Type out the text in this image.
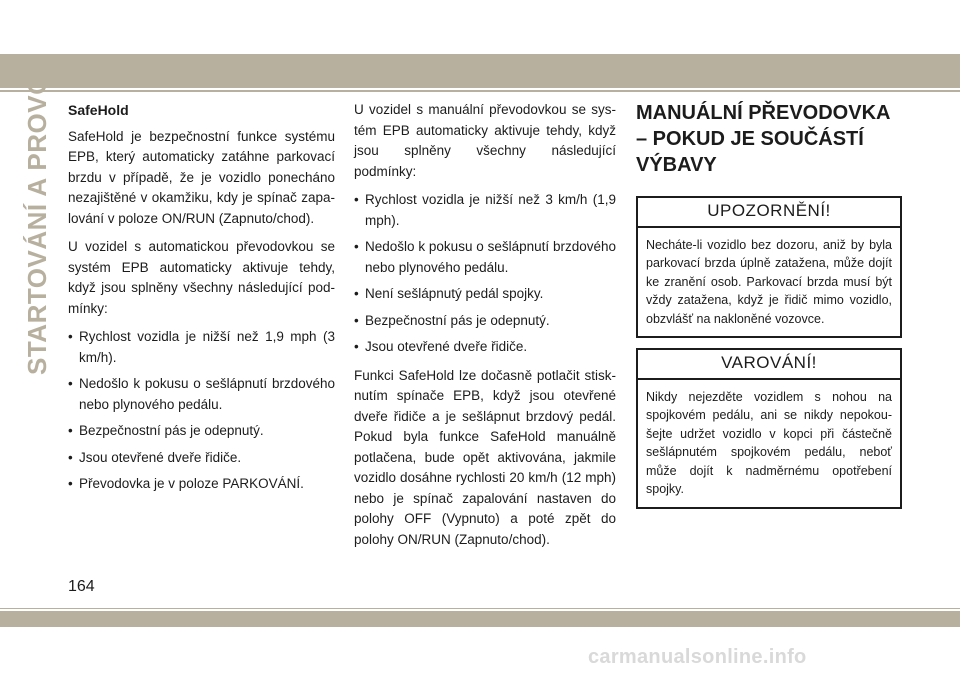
STARTOVÁNÍ A PROVOZ SafeHold

SafeHold je bezpečnostní funkce systému EPB, který automaticky zatáhne parkovací brzdu v případě, že je vozidlo ponecháno nezajištěné v okamžiku, kdy je spínač zapa-lování v poloze ON/RUN (Zapnuto/chod).

U vozidel s automatickou převodovkou se systém EPB automaticky aktivuje tehdy, když jsou splněny všechny následující pod-mínky:

• Rychlost vozidla je nižší než 1,9 mph (3 km/h).
• Nedošlo k pokusu o sešlápnutí brzdového nebo plynového pedálu.
• Bezpečnostní pás je odepnutý.
• Jsou otevřené dveře řidiče.
• Převodovka je v poloze PARKOVÁNÍ.

U vozidel s manuální převodovkou se sys-tém EPB automaticky aktivuje tehdy, když jsou splněny všechny následující podmínky:

• Rychlost vozidla je nižší než 3 km/h (1,9 mph).
• Nedošlo k pokusu o sešlápnutí brzdového nebo plynového pedálu.
• Není sešlápnutý pedál spojky.
• Bezpečnostní pás je odepnutý.
• Jsou otevřené dveře řidiče.

Funkci SafeHold lze dočasně potlačit stisk-nutím spínače EPB, když jsou otevřené dveře řidiče a je sešlápnut brzdový pedál. Pokud byla funkce SafeHold manuálně potlačena, bude opět aktivována, jakmile vozidlo dosáhne rychlosti 20 km/h (12 mph) nebo je spínač zapalování nastaven do polohy OFF (Vypnuto) a poté zpět do polohy ON/RUN (Zapnuto/chod).

MANUÁLNÍ PŘEVODOVKA – POKUD JE SOUČÁSTÍ VÝBAVY
UPOZORNĚNÍ!
Necháte-li vozidlo bez dozoru, aniž by byla parkovací brzda úplně zatažena, může dojít ke zranění osob. Parkovací brzda musí být vždy zatažena, když je řidič mimo vozidlo, obzvlášť na nakloněné vozovce.
VAROVÁNÍ!
Nikdy nejezděte vozidlem s nohou na spojkovém pedálu, ani se nikdy nepokou-šejte udržet vozidlo v kopci při částečně sešlápnutém spojkovém pedálu, neboť může dojít k nadměrnému opotřebení spojky.
164
carmanualsonline.info
